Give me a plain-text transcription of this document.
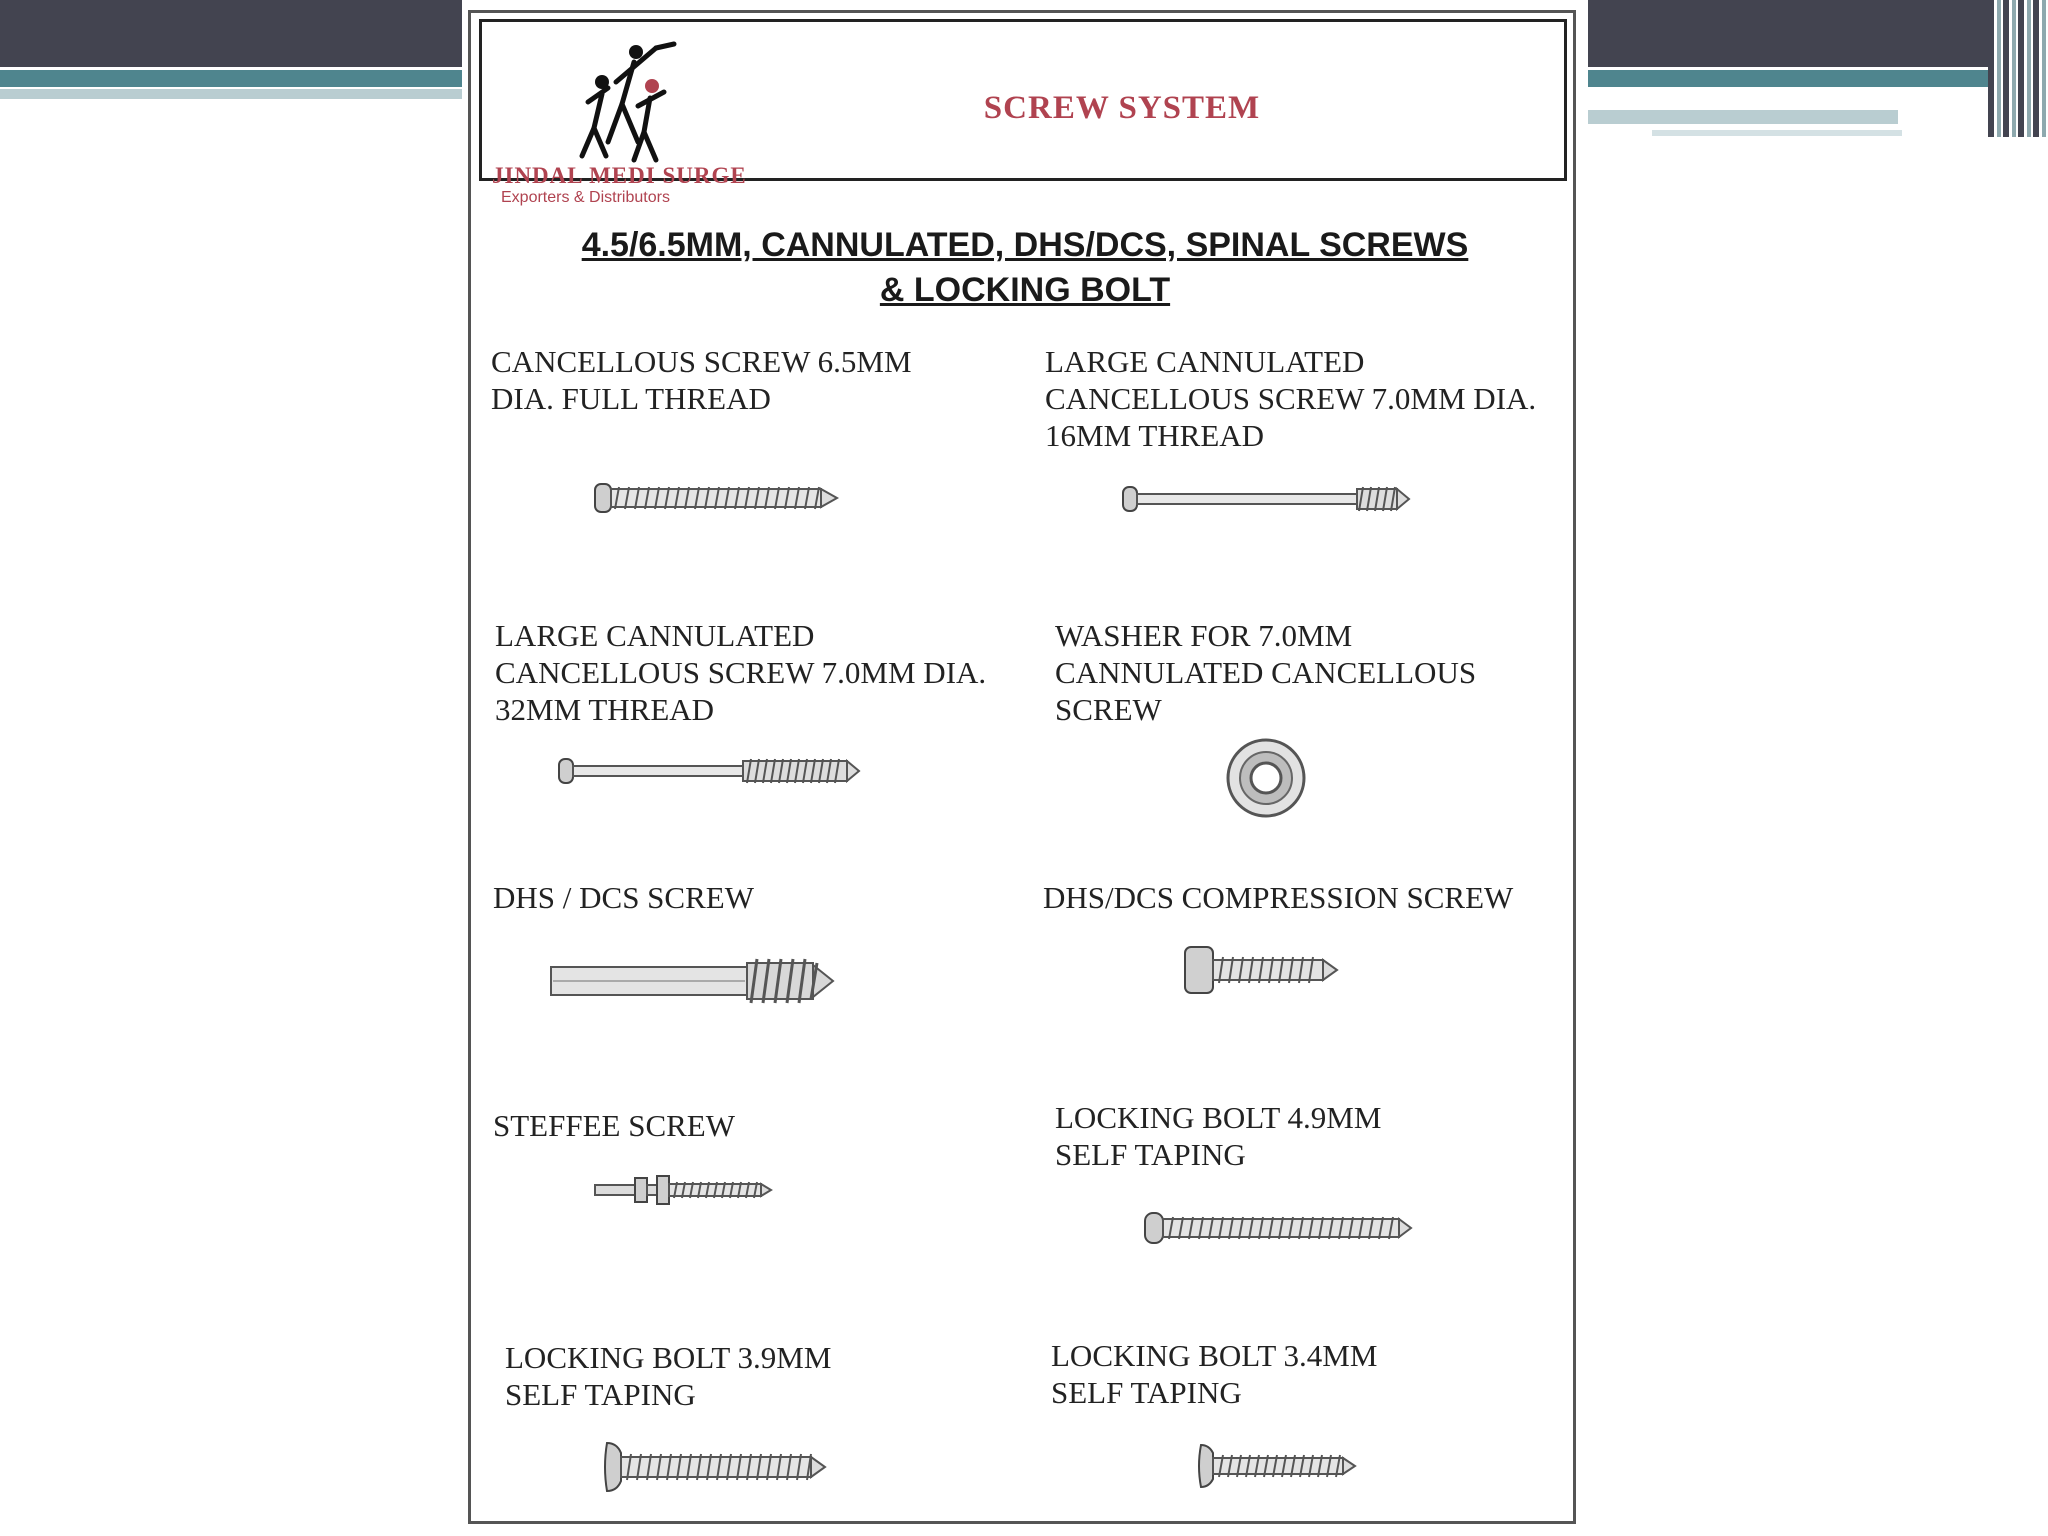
JINDAL MEDI SURGE
SCREW SYSTEM
Exporters & Distributors
4.5/6.5MM, CANNULATED, DHS/DCS, SPINAL SCREWS
& LOCKING BOLT
CANCELLOUS SCREW 6.5MM
DIA. FULL THREAD
LARGE CANNULATED
CANCELLOUS SCREW 7.0MM DIA.
16MM THREAD
LARGE CANNULATED
CANCELLOUS SCREW 7.0MM DIA.
32MM THREAD
WASHER FOR 7.0MM
CANNULATED CANCELLOUS
SCREW
DHS / DCS SCREW	DHS/DCS COMPRESSION SCREW
STEFFEE SCREW	LOCKING BOLT 4.9MM
SELF TAPING
LOCKING BOLT 3.9MM
SELF TAPING
LOCKING BOLT 3.4MM
SELF TAPING
